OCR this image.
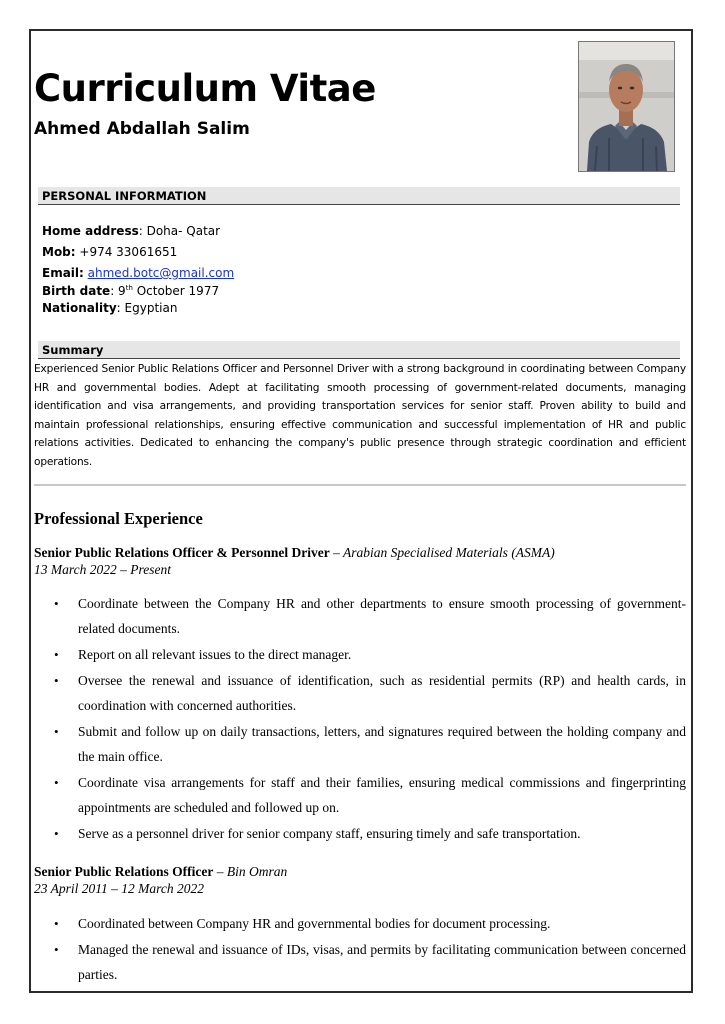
Curriculum Vitae
Ahmed Abdallah Salim
PERSONAL INFORMATION
Home address: Doha- Qatar
Mob: +974 33061651
Email: ahmed.botc@gmail.com
Birth date: 9th October 1977
Nationality: Egyptian
Summary

Experienced Senior Public Relations Officer and Personnel Driver with a strong background in coordinating between Company HR and governmental bodies. Adept at facilitating smooth processing of government-related documents, managing identification and visa arrangements, and providing transportation services for senior staff. Proven ability to build and maintain professional relationships, ensuring effective communication and successful implementation of HR and public relations activities. Dedicated to enhancing the company's public presence through strategic coordination and efficient operations.

Professional Experience
Senior Public Relations Officer & Personnel Driver – Arabian Specialised Materials (ASMA)
13 March 2022 – Present
• Coordinate between the Company HR and other departments to ensure smooth processing of government-related documents.
• Report on all relevant issues to the direct manager.
• Oversee the renewal and issuance of identification, such as residential permits (RP) and health cards, in coordination with concerned authorities.
• Submit and follow up on daily transactions, letters, and signatures required between the holding company and the main office.
• Coordinate visa arrangements for staff and their families, ensuring medical commissions and fingerprinting appointments are scheduled and followed up on.
• Serve as a personnel driver for senior company staff, ensuring timely and safe transportation.
Senior Public Relations Officer – Bin Omran
23 April 2011 – 12 March 2022
• Coordinated between Company HR and governmental bodies for document processing.
• Managed the renewal and issuance of IDs, visas, and permits by facilitating communication between concerned parties.
